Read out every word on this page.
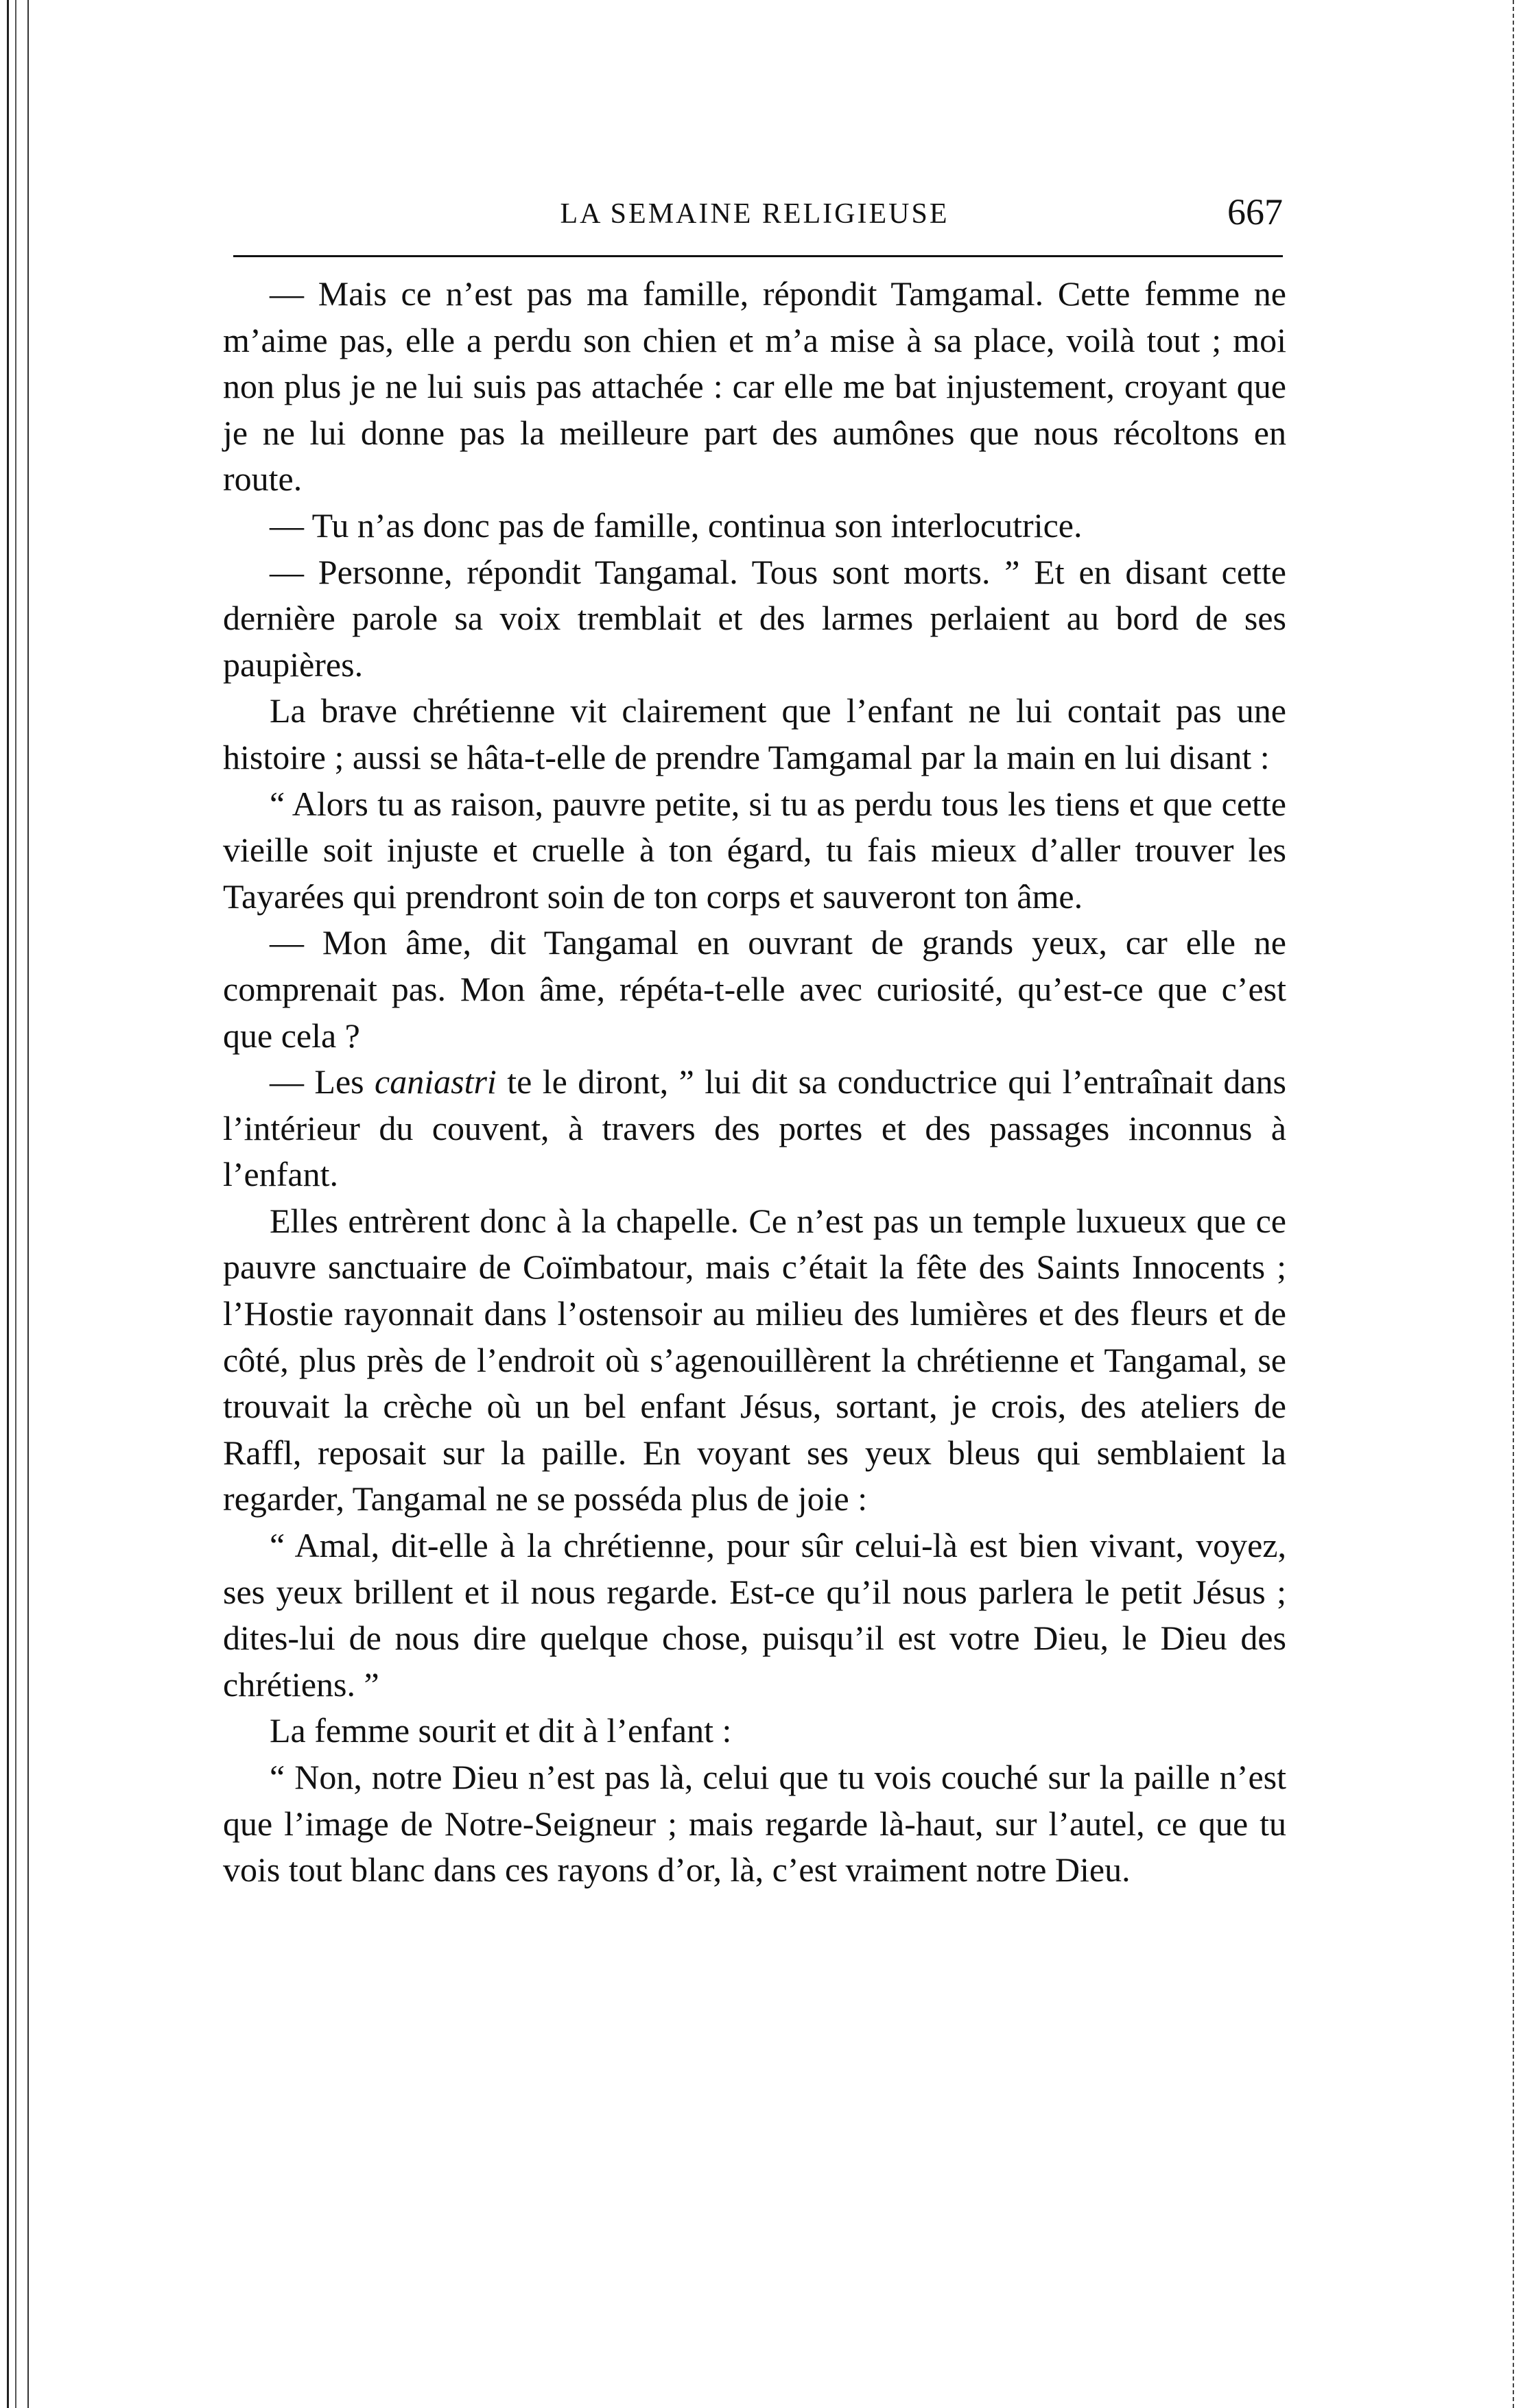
LA SEMAINE RELIGIEUSE	667

— Mais ce n’est pas ma famille, répondit Tamgamal. Cette femme ne m’aime pas, elle a perdu son chien et m’a mise à sa place, voilà tout ; moi non plus je ne lui suis pas attachée : car elle me bat injustement, croyant que je ne lui donne pas la meilleure part des aumônes que nous récoltons en route.

— Tu n’as donc pas de famille, continua son interlocutrice.

— Personne, répondit Tangamal. Tous sont morts. ” Et en disant cette dernière parole sa voix tremblait et des larmes perlaient au bord de ses paupières.

La brave chrétienne vit clairement que l’enfant ne lui contait pas une histoire ; aussi se hâta-t-elle de prendre Tamgamal par la main en lui disant :

“ Alors tu as raison, pauvre petite, si tu as perdu tous les tiens et que cette vieille soit injuste et cruelle à ton égard, tu fais mieux d’aller trouver les Tayarées qui prendront soin de ton corps et sauveront ton âme.

— Mon âme, dit Tangamal en ouvrant de grands yeux, car elle ne comprenait pas. Mon âme, répéta-t-elle avec curiosité, qu’est-ce que c’est que cela ?

— Les caniastri te le diront, ” lui dit sa conductrice qui l’entraînait dans l’intérieur du couvent, à travers des portes et des passages inconnus à l’enfant.

Elles entrèrent donc à la chapelle. Ce n’est pas un temple luxueux que ce pauvre sanctuaire de Coïmbatour, mais c’était la fête des Saints Innocents ; l’Hostie rayonnait dans l’ostensoir au milieu des lumières et des fleurs et de côté, plus près de l’endroit où s’agenouillèrent la chrétienne et Tangamal, se trouvait la crèche où un bel enfant Jésus, sortant, je crois, des ateliers de Raffl, reposait sur la paille. En voyant ses yeux bleus qui semblaient la regarder, Tangamal ne se posséda plus de joie :

“ Amal, dit-elle à la chrétienne, pour sûr celui-là est bien vivant, voyez, ses yeux brillent et il nous regarde. Est-ce qu’il nous parlera le petit Jésus ; dites-lui de nous dire quelque chose, puisqu’il est votre Dieu, le Dieu des chrétiens. ”

La femme sourit et dit à l’enfant :

“ Non, notre Dieu n’est pas là, celui que tu vois couché sur la paille n’est que l’image de Notre-Seigneur ; mais regarde là-haut, sur l’autel, ce que tu vois tout blanc dans ces rayons d’or, là, c’est vraiment notre Dieu.
